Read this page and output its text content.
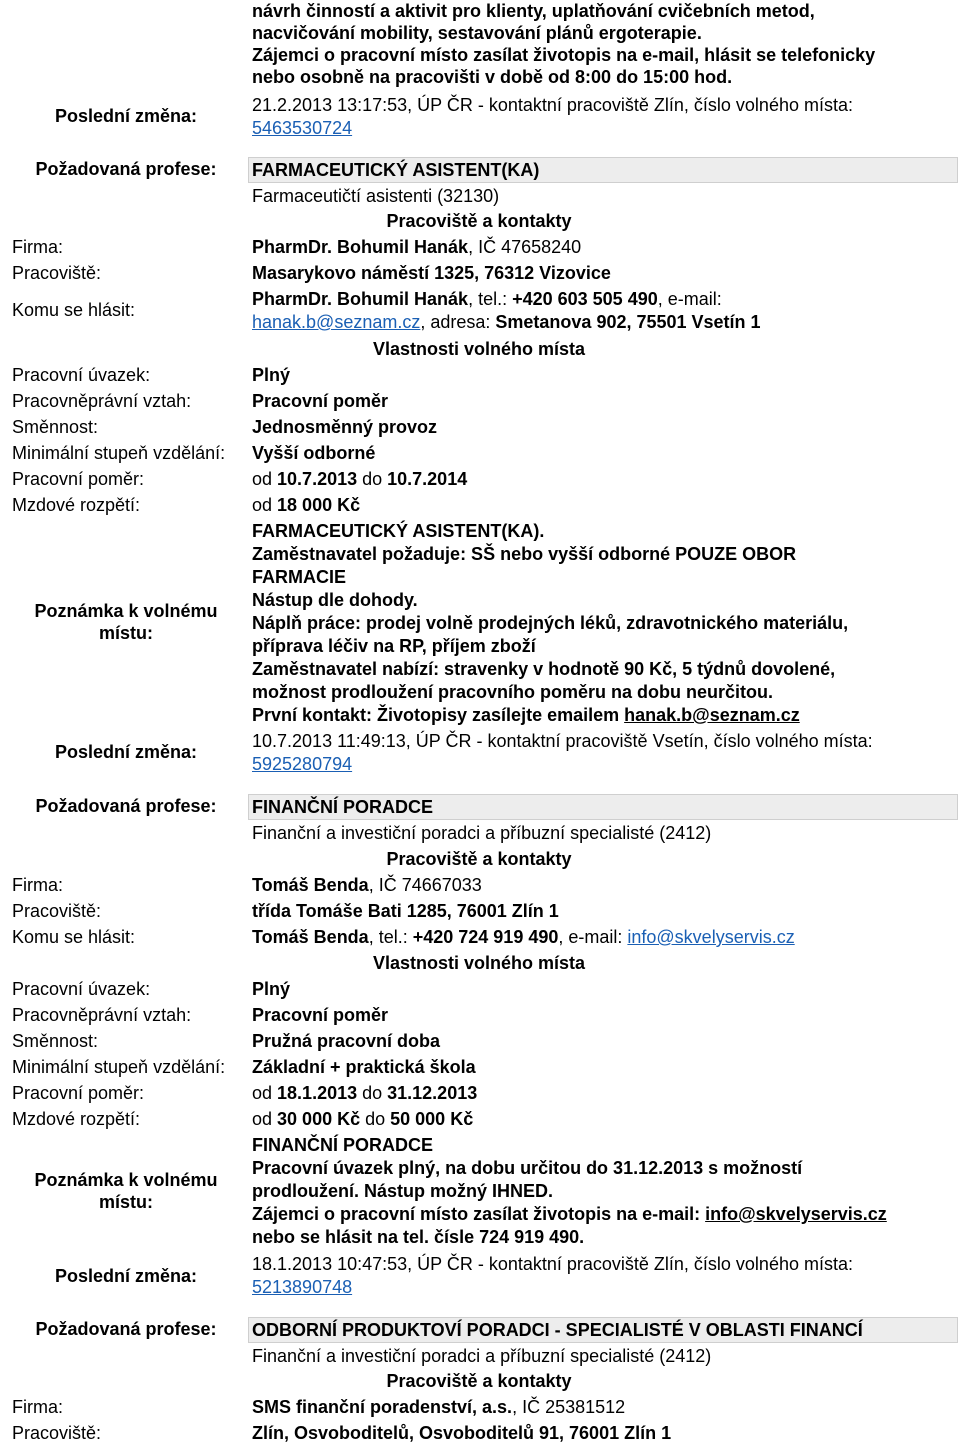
návrh činností a aktivit pro klienty, uplatňování cvičebních metod,
nacvičování mobility, sestavování plánů ergoterapie.
Zájemci o pracovní místo zasílat životopis na e-mail, hlásit se telefonicky
nebo osobně na pracovišti v době od 8:00 do 15:00 hod.
Poslední změna:
21.2.2013 13:17:53, ÚP ČR - kontaktní pracoviště Zlín, číslo volného místa:
5463530724
Požadovaná profese:	FARMACEUTICKÝ ASISTENT(KA)
Farmaceutičtí asistenti (32130)
Pracoviště a kontakty
Firma:	PharmDr. Bohumil Hanák, IČ 47658240
Pracoviště:	Masarykovo náměstí 1325, 76312 Vizovice
Komu se hlásit:
PharmDr. Bohumil Hanák, tel.: +420 603 505 490, e-mail:
hanak.b@seznam.cz, adresa: Smetanova 902, 75501 Vsetín 1
Vlastnosti volného místa
Pracovní úvazek:	Plný
Pracovněprávní vztah:	Pracovní poměr
Směnnost:	Jednosměnný provoz
Minimální stupeň vzdělání: Vyšší odborné
Pracovní poměr:	od 10.7.2013 do 10.7.2014
Mzdové rozpětí:	od 18 000 Kč
Poznámka k volnému
místu:
FARMACEUTICKÝ ASISTENT(KA).
Zaměstnavatel požaduje: SŠ nebo vyšší odborné POUZE OBOR
FARMACIE
Nástup dle dohody.
Náplň práce: prodej volně prodejných léků, zdravotnického materiálu,
příprava léčiv na RP, příjem zboží
Zaměstnavatel nabízí: stravenky v hodnotě 90 Kč, 5 týdnů dovolené,
možnost prodloužení pracovního poměru na dobu neurčitou.
První kontakt: Životopisy zasílejte emailem hanak.b@seznam.cz
Poslední změna:
10.7.2013 11:49:13, ÚP ČR - kontaktní pracoviště Vsetín, číslo volného místa:
5925280794
Požadovaná profese:	FINANČNÍ PORADCE
Finanční a investiční poradci a příbuzní specialisté (2412)
Pracoviště a kontakty
Firma:	Tomáš Benda, IČ 74667033
Pracoviště:	třída Tomáše Bati 1285, 76001 Zlín 1
Komu se hlásit:	Tomáš Benda, tel.: +420 724 919 490, e-mail: info@skvelyservis.cz
Vlastnosti volného místa
Pracovní úvazek:	Plný
Pracovněprávní vztah:	Pracovní poměr
Směnnost:	Pružná pracovní doba
Minimální stupeň vzdělání: Základní + praktická škola
Pracovní poměr:	od 18.1.2013 do 31.12.2013
Mzdové rozpětí:	od 30 000 Kč do 50 000 Kč
Poznámka k volnému
místu:
FINANČNÍ PORADCE
Pracovní úvazek plný, na dobu určitou do 31.12.2013 s možností
prodloužení. Nástup možný IHNED.
Zájemci o pracovní místo zasílat životopis na e-mail: info@skvelyservis.cz
nebo se hlásit na tel. čísle 724 919 490.
Poslední změna:
18.1.2013 10:47:53, ÚP ČR - kontaktní pracoviště Zlín, číslo volného místa:
5213890748
Požadovaná profese:	ODBORNÍ PRODUKTOVÍ PORADCI - SPECIALISTÉ V OBLASTI FINANCÍ
Finanční a investiční poradci a příbuzní specialisté (2412)
Pracoviště a kontakty
Firma:	SMS finanční poradenství, a.s., IČ 25381512
Pracoviště:	Zlín, Osvoboditelů, Osvoboditelů 91, 76001 Zlín 1
